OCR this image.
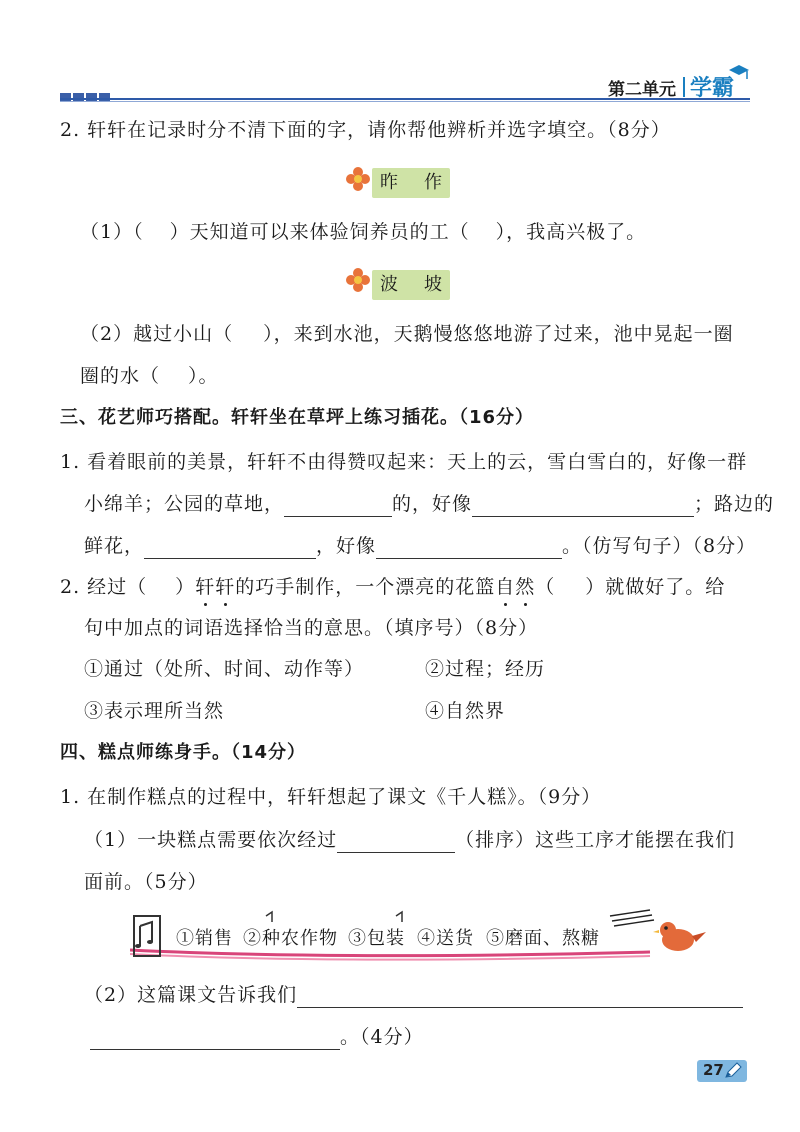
第二单元 学霸
2. 轩轩在记录时分不清下面的字，请你帮他辨析并选字填空。（8分）
昨 作
（1）（ ）天知道可以来体验饲养员的工（ ），我高兴极了。
波 坡
（2）越过小山（ ），来到水池，天鹅慢悠悠地游了过来，池中晃起一圈
圈的水（ ）。
三、花艺师巧搭配。轩轩坐在草坪上练习插花。（16分）
1. 看着眼前的美景，轩轩不由得赞叹起来：天上的云，雪白雪白的，好像一群
小绵羊；公园的草地，	的，好像	；路边的
鲜花，	，好像	。（仿写句子）（8分）
2. 经过（ ）轩轩的巧手制作，一个漂亮的花篮自然（ ）就做好了。给
句中加点的词语选择恰当的意思。（填序号）（8分）
①通过（处所、时间、动作等）	②过程；经历
③表示理所当然	④自然界
四、糕点师练身手。（14分）
1. 在制作糕点的过程中，轩轩想起了课文《千人糕》。（9分）
（1）一块糕点需要依次经过	（排序）这些工序才能摆在我们
面前。（5分）
①销售 ②种农作物 ③包装 ④送货 ⑤磨面、熬糖
（2）这篇课文告诉我们
。（4分）
27
